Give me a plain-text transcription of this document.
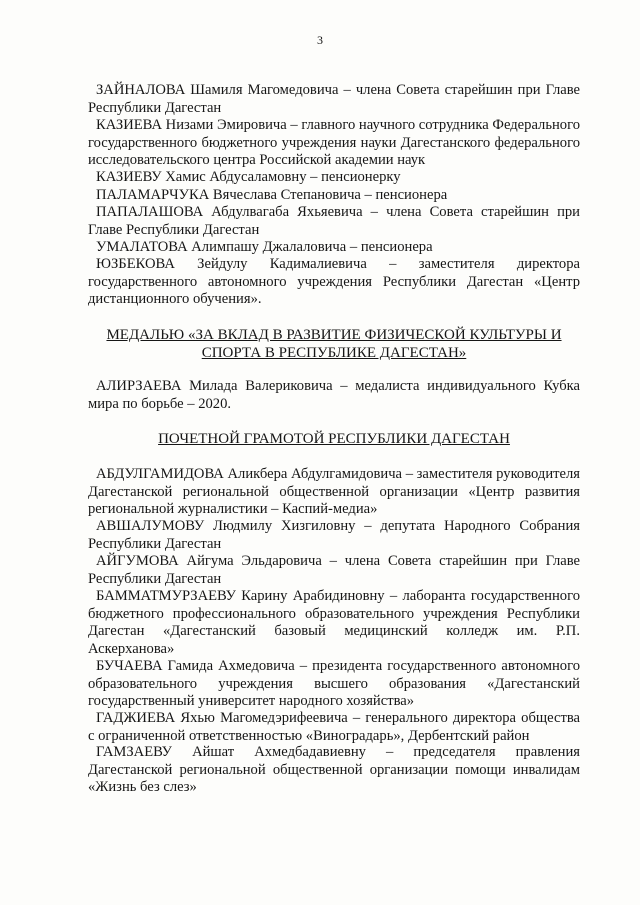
3

ЗАЙНАЛОВА Шамиля Магомедовича – члена Совета старейшин при Главе Республики Дагестан

КАЗИЕВА Низами Эмировича – главного научного сотрудника Федерального государственного бюджетного учреждения науки Дагестанского федерального исследовательского центра Российской академии наук

КАЗИЕВУ Хамис Абдусаламовну – пенсионерку

ПАЛАМАРЧУКА Вячеслава Степановича – пенсионера

ПАПАЛАШОВА Абдулвагаба Яхьяевича – члена Совета старейшин при Главе Республики Дагестан

УМАЛАТОВА Алимпашу Джалаловича – пенсионера

ЮЗБЕКОВА Зейдулу Кадималиевича – заместителя директора государственного автономного учреждения Республики Дагестан «Центр дистанционного обучения».

МЕДАЛЬЮ «ЗА ВКЛАД В РАЗВИТИЕ ФИЗИЧЕСКОЙ КУЛЬТУРЫ И СПОРТА В РЕСПУБЛИКЕ ДАГЕСТАН»

АЛИРЗАЕВА Милада Валериковича – медалиста индивидуального Кубка мира по борьбе – 2020.

ПОЧЕТНОЙ ГРАМОТОЙ РЕСПУБЛИКИ ДАГЕСТАН

АБДУЛГАМИДОВА Аликбера Абдулгамидовича – заместителя руководителя Дагестанской региональной общественной организации «Центр развития региональной журналистики – Каспий-медиа»

АВШАЛУМОВУ Людмилу Хизгиловну – депутата Народного Собрания Республики Дагестан

АЙГУМОВА Айгума Эльдаровича – члена Совета старейшин при Главе Республики Дагестан

БАММАТМУРЗАЕВУ Карину Арабидиновну – лаборанта государственного бюджетного профессионального образовательного учреждения Республики Дагестан «Дагестанский базовый медицинский колледж им. Р.П. Аскерханова»

БУЧАЕВА Гамида Ахмедовича – президента государственного автономного образовательного учреждения высшего образования «Дагестанский государственный университет народного хозяйства»

ГАДЖИЕВА Яхью Магомедэрифеевича – генерального директора общества с ограниченной ответственностью «Виноградарь», Дербентский район

ГАМЗАЕВУ Айшат Ахмедбадавиевну – председателя правления Дагестанской региональной общественной организации помощи инвалидам «Жизнь без слез»
